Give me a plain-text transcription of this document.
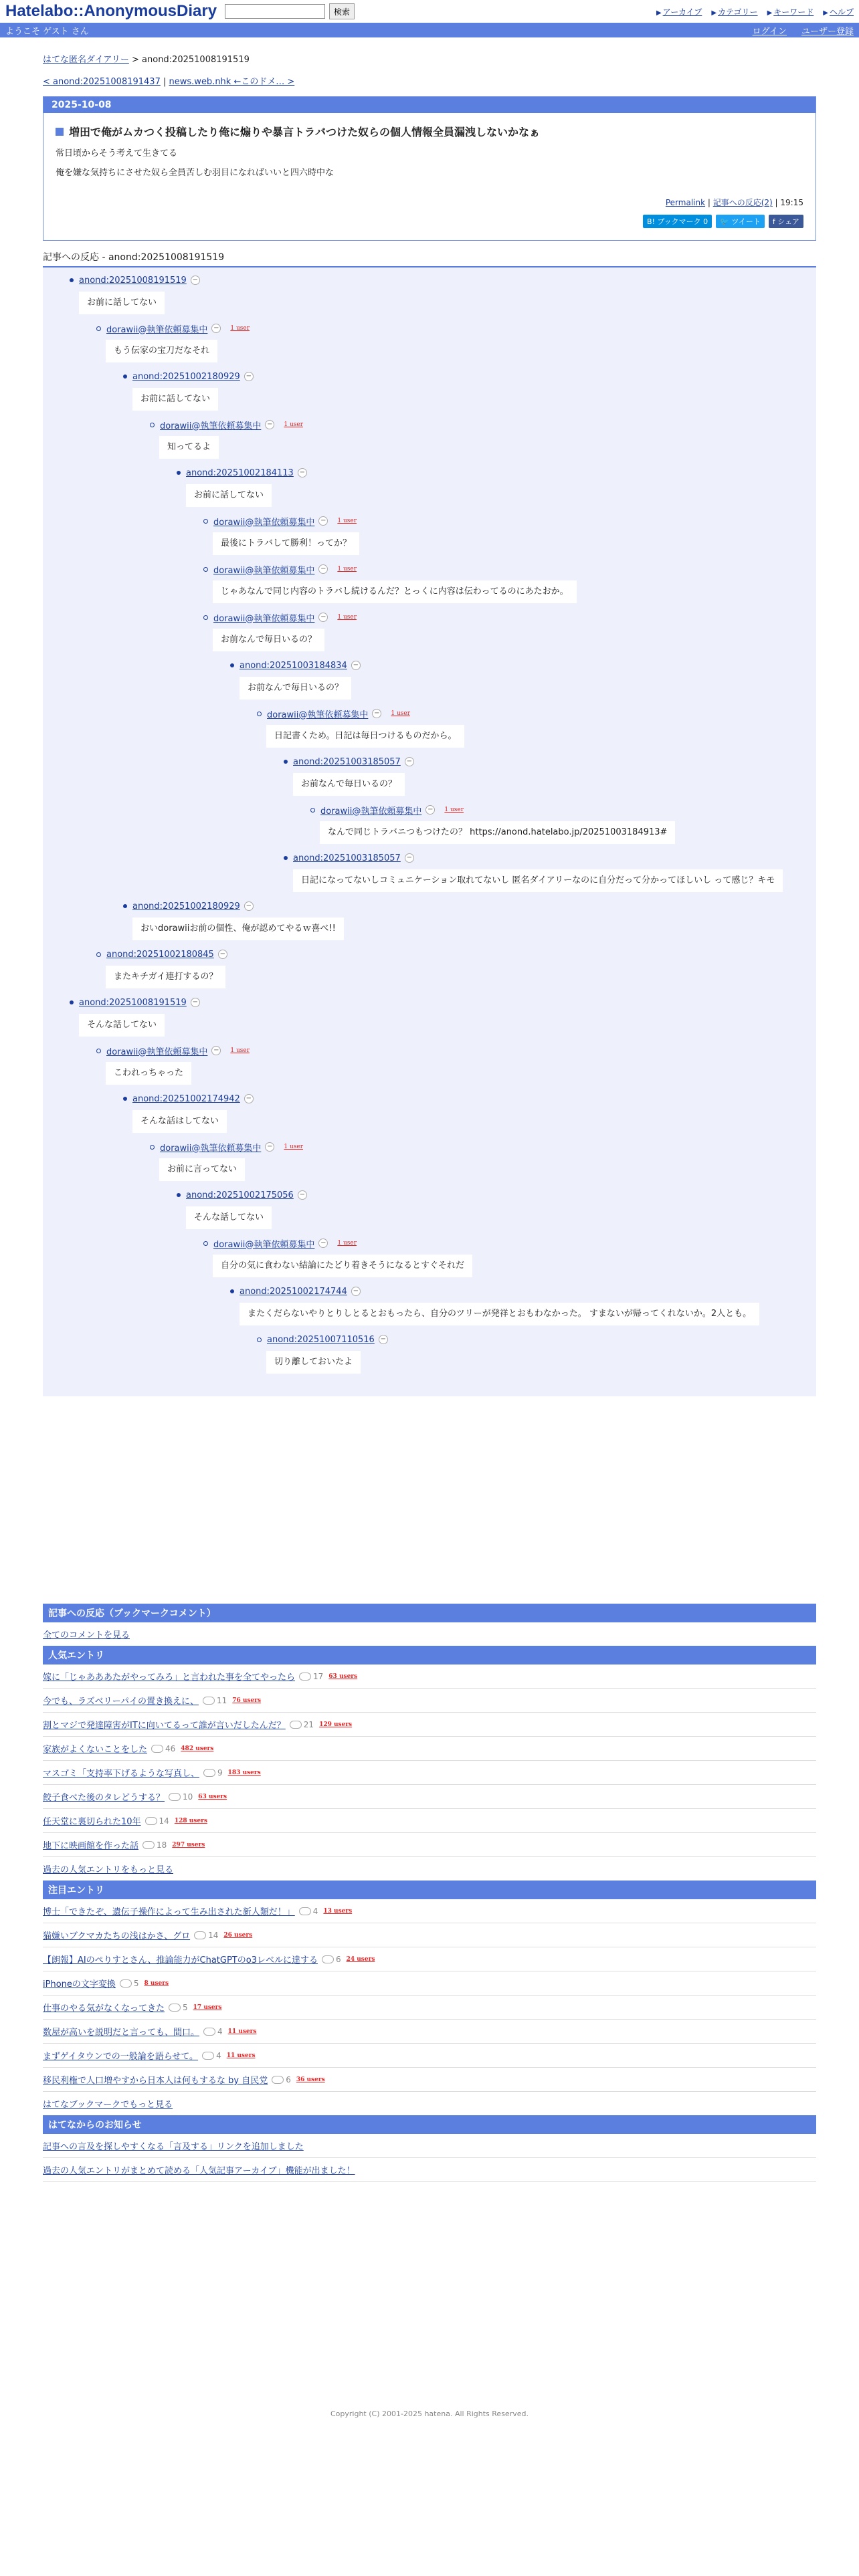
Hatelabo::AnonymousDiary	検索	▶ アーカイブ ▶ カテゴリー ▶ キーワード ▶ ヘルプ
ようこそ ゲスト さん	ログイン ユーザー登録
はてな匿名ダイアリー > anond:20251008191519
< anond:20251008191437 | news.web.nhk ←このドメ… >
2025-10-08
増田で俺がムカつく投稿したり俺に煽りや暴言トラバつけた奴らの個人情報全員漏洩しないかなぁ

常日頃からそう考えて生きてる

俺を嫌な気持ちにさせた奴ら全員苦しむ羽目になればいいと四六時中な

Permalink | 記事への反応(2) | 19:15
B! ブックマーク 0	🐦 ツイート	f シェア
記事への反応 - anond:20251008191519
anond:20251008191519 −
お前に話してない
dorawii@執筆依頼募集中 −	1 user
もう伝家の宝刀だなそれ
anond:20251002180929 −
お前に話してない
dorawii@執筆依頼募集中 −	1 user
知ってるよ
anond:20251002184113 −
お前に話してない
dorawii@執筆依頼募集中 −	1 user
最後にトラバして勝利！ってか？
dorawii@執筆依頼募集中 −	1 user
じゃあなんで同じ内容のトラバし続けるんだ？とっくに内容は伝わってるのにあたおか。
dorawii@執筆依頼募集中 −	1 user
お前なんで毎日いるの？
anond:20251003184834 −
お前なんで毎日いるの？
dorawii@執筆依頼募集中 −	1 user
日記書くため。日記は毎日つけるものだから。
anond:20251003185057 −
お前なんで毎日いるの？
dorawii@執筆依頼募集中 −	1 user
なんで同じトラバニつもつけたの？ https://anond.hatelabo.jp/20251003184913#
anond:20251003185057 −
日記になってないしコミュニケーション取れてないし 匿名ダイアリーなのに自分だって分かってほしいし って感じ？キモ
anond:20251002180929 −
おいdorawiiお前の個性、俺が認めてやるｗ喜べ!!
anond:20251002180845 −
またキチガイ連打するの？
anond:20251008191519 −
そんな話してない
dorawii@執筆依頼募集中 −	1 user
こわれっちゃった
anond:20251002174942 −
そんな話はしてない
dorawii@執筆依頼募集中 −	1 user
お前に言ってない
anond:20251002175056 −
そんな話してない
dorawii@執筆依頼募集中 −	1 user
自分の気に食わない結論にたどり着きそうになるとすぐそれだ
anond:20251002174744 −
またくだらないやりとりしとるとおもったら、自分のツリーが発祥とおもわなかった。 すまないが帰ってくれないか。2人とも。
anond:20251007110516 −
切り離しておいたよ
記事への反応（ブックマークコメント）
全てのコメントを見る
人気エントリ
嫁に「じゃあああたがやってみろ」と言われた事を全てやったら 17 63 users
今でも、ラズベリーパイの置き換えに、 11 76 users
割とマジで発達障害がITに向いてるって誰が言いだしたんだ？ 21 129 users
家族がよくないことをした 46 482 users
マスゴミ「支持率下げるような写真し、 9 183 users
餃子食べた後のタレどうする？ 10 63 users
任天堂に裏切られた10年 14 128 users
地下に映画館を作った話 18 297 users
過去の人気エントリをもっと見る
注目エントリ
博士「できたぞ、遺伝子操作によって生み出された新人類だ！」 4 13 users
猫嫌いブクマカたちの浅はかさ、グロ 14 26 users
【朗報】AIのぺりすとさん、推論能力がChatGPTのo3レベルに達する 6 24 users
iPhoneの文字変換 5 8 users
仕事のやる気がなくなってきた 5 17 users
数屋が高いを説明だと言っても、間口。 4 11 users
まずゲイタウンでの一般論を語らせて。 4 11 users
移民利権で人口増やすから日本人は何もするな by 自民党 6 36 users
はてなブックマークでもっと見る
はてなからのお知らせ
記事への言及を探しやすくなる「言及する」リンクを追加しました
過去の人気エントリがまとめて読める「人気記事アーカイブ」機能が出ました！
Copyright (C) 2001-2025 hatena. All Rights Reserved.
